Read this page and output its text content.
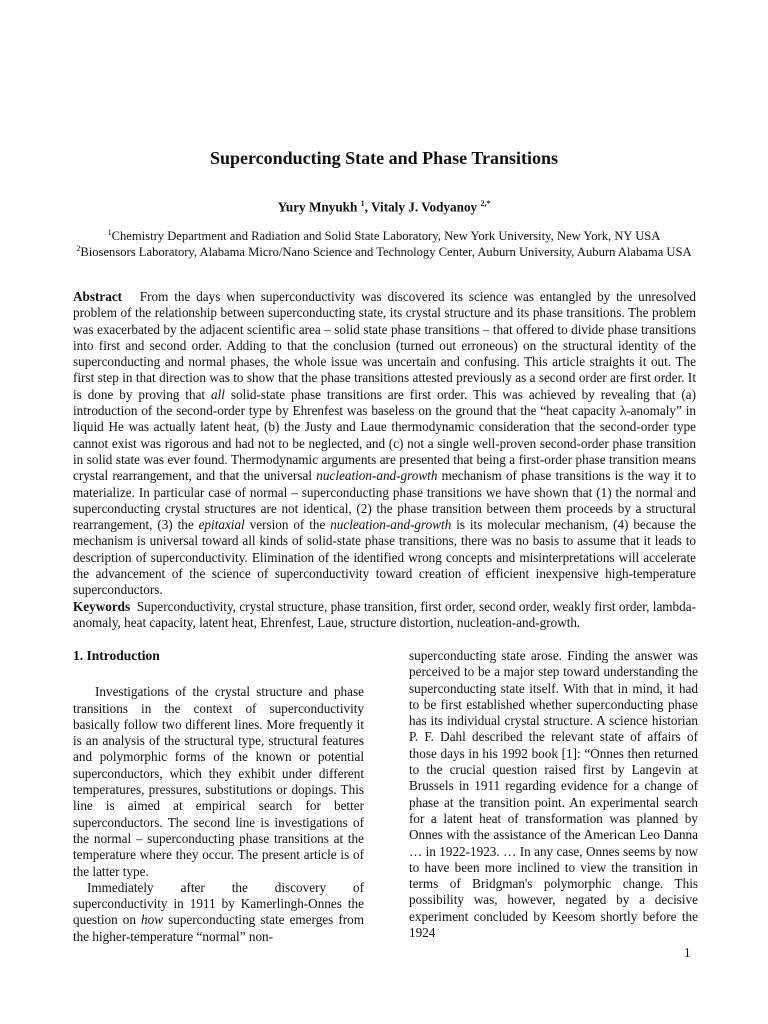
Superconducting State and Phase Transitions
Yury Mnyukh $^1$, Vitaly J. Vodyanoy $^{2,*}$
$^1$Chemistry Department and Radiation and Solid State Laboratory, New York University, New York, NY USA
$^2$Biosensors Laboratory, Alabama Micro/Nano Science and Technology Center, Auburn University, Auburn Alabama USA

Abstract From the days when superconductivity was discovered its science was entangled by the unresolved problem of the relationship between superconducting state, its crystal structure and its phase transitions. The problem was exacerbated by the adjacent scientific area – solid state phase transitions – that offered to divide phase transitions into first and second order. Adding to that the conclusion (turned out erroneous) on the structural identity of the superconducting and normal phases, the whole issue was uncertain and confusing. This article straights it out. The first step in that direction was to show that the phase transitions attested previously as a second order are first order. It is done by proving that all solid-state phase transitions are first order. This was achieved by revealing that (a) introduction of the second-order type by Ehrenfest was baseless on the ground that the “heat capacity λ-anomaly” in liquid He was actually latent heat, (b) the Justy and Laue thermodynamic consideration that the second-order type cannot exist was rigorous and had not to be neglected, and (c) not a single well-proven second-order phase transition in solid state was ever found. Thermodynamic arguments are presented that being a first-order phase transition means crystal rearrangement, and that the universal nucleation-and-growth mechanism of phase transitions is the way it to materialize. In particular case of normal – superconducting phase transitions we have shown that (1) the normal and superconducting crystal structures are not identical, (2) the phase transition between them proceeds by a structural rearrangement, (3) the epitaxial version of the nucleation-and-growth is its molecular mechanism, (4) because the mechanism is universal toward all kinds of solid-state phase transitions, there was no basis to assume that it leads to description of superconductivity. Elimination of the identified wrong concepts and misinterpretations will accelerate the advancement of the science of superconductivity toward creation of efficient inexpensive high-temperature superconductors.

Keywords Superconductivity, crystal structure, phase transition, first order, second order, weakly first order, lambda-anomaly, heat capacity, latent heat, Ehrenfest, Laue, structure distortion, nucleation-and-growth.

1. Introduction

Investigations of the crystal structure and phase transitions in the context of superconductivity basically follow two different lines. More frequently it is an analysis of the structural type, structural features and polymorphic forms of the known or potential superconductors, which they exhibit under different temperatures, pressures, substitutions or dopings. This line is aimed at empirical search for better superconductors. The second line is investigations of the normal – superconducting phase transitions at the temperature where they occur. The present article is of the latter type.

Immediately after the discovery of superconductivity in 1911 by Kamerlingh-Onnes the question on how superconducting state emerges from the higher-temperature “normal” non-

superconducting state arose. Finding the answer was perceived to be a major step toward understanding the superconducting state itself. With that in mind, it had to be first established whether superconducting phase has its individual crystal structure. A science historian P. F. Dahl described the relevant state of affairs of those days in his 1992 book [1]: “Onnes then returned to the crucial question raised first by Langevin at Brussels in 1911 regarding evidence for a change of phase at the transition point. An experimental search for a latent heat of transformation was planned by Onnes with the assistance of the American Leo Danna … in 1922-1923. … In any case, Onnes seems by now to have been more inclined to view the transition in terms of Bridgman's polymorphic change. This possibility was, however, negated by a decisive experiment concluded by Keesom shortly before the 1924

1
